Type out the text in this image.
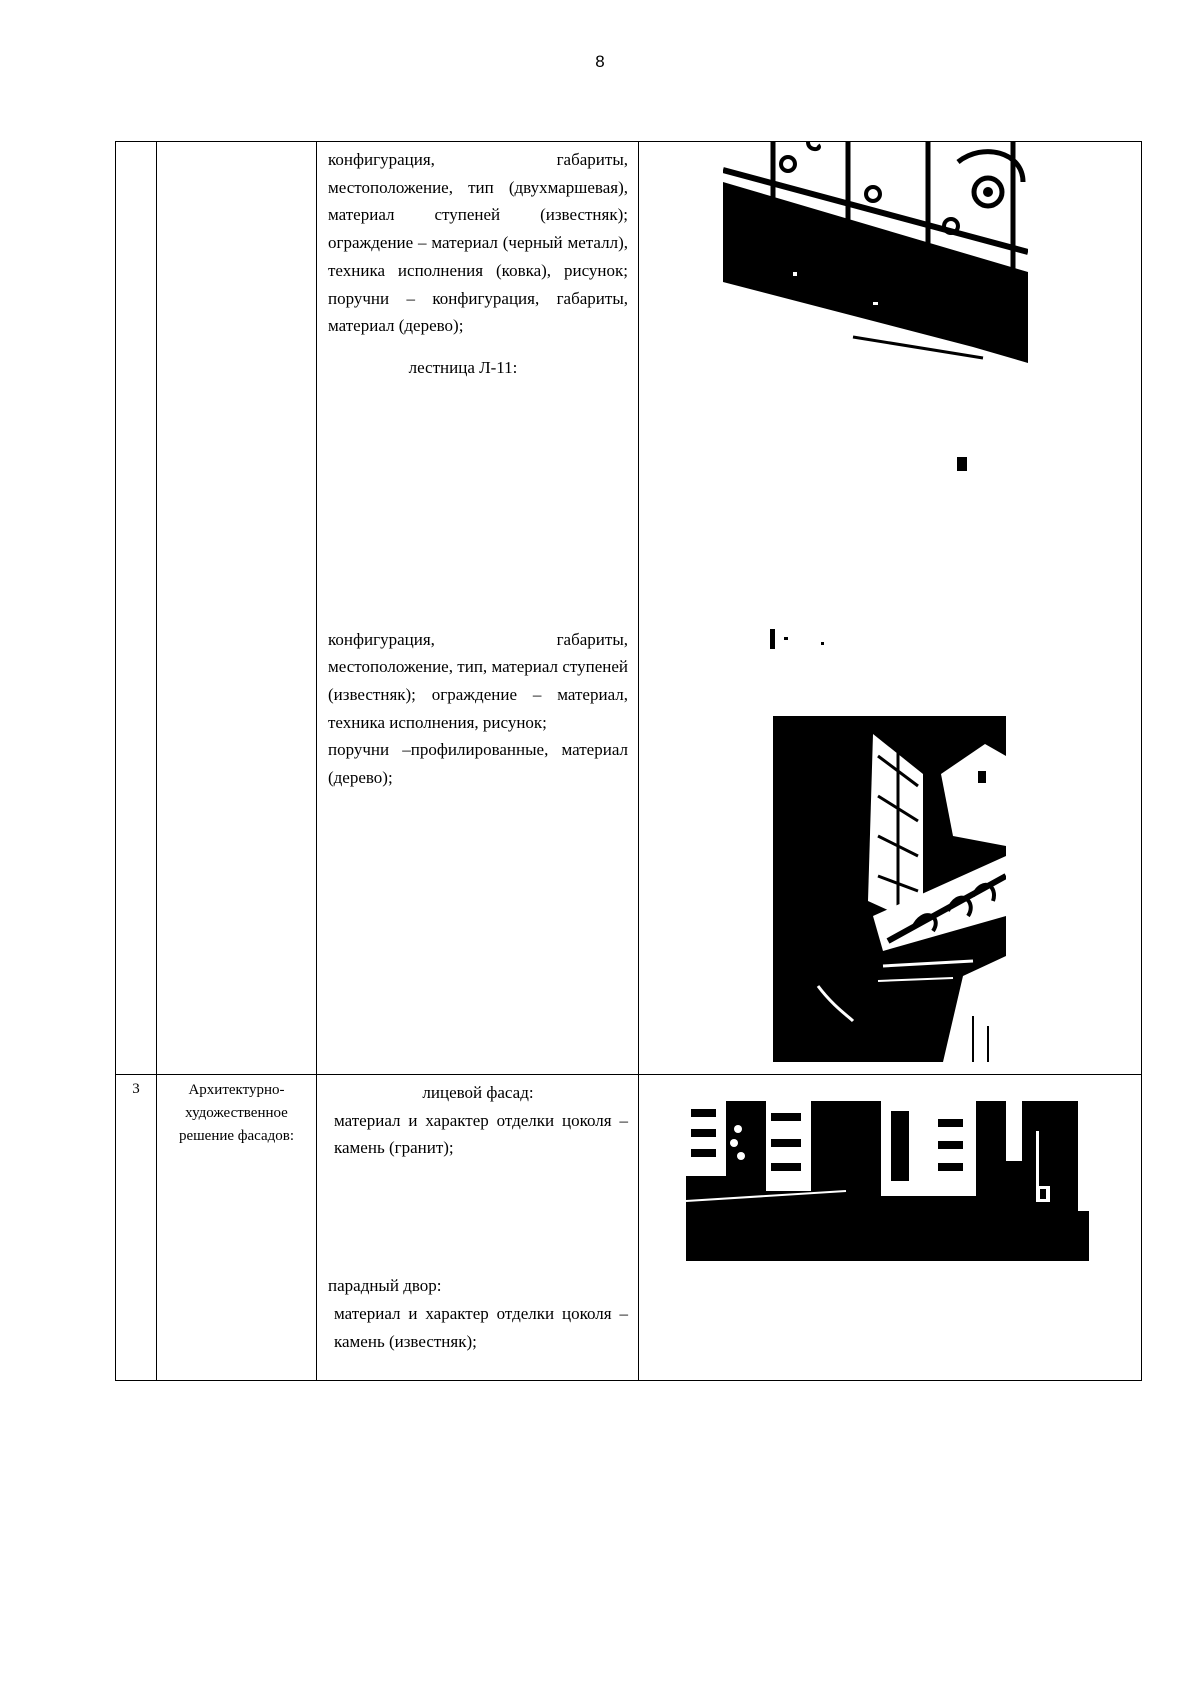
8

		конфигурация, габариты, местоположение, тип (двухмаршевая), материал ступеней (известняк); ограждение – материал (черный металл), техника исполнения (ковка), рисунок; поручни – конфигурация, габариты, материал (дерево);

лестница Л-11:

конфигурация, габариты, местоположение, тип, материал ступеней (известняк); ограждение – материал, техника исполнения, рисунок;

поручни –профилированные, материал (дерево);

3	Архитектурно-художественное решение фасадов:	лицевой фасад:

материал и характер отделки цоколя – камень (гранит);

парадный двор:

материал и характер отделки цоколя – камень (известняк);
